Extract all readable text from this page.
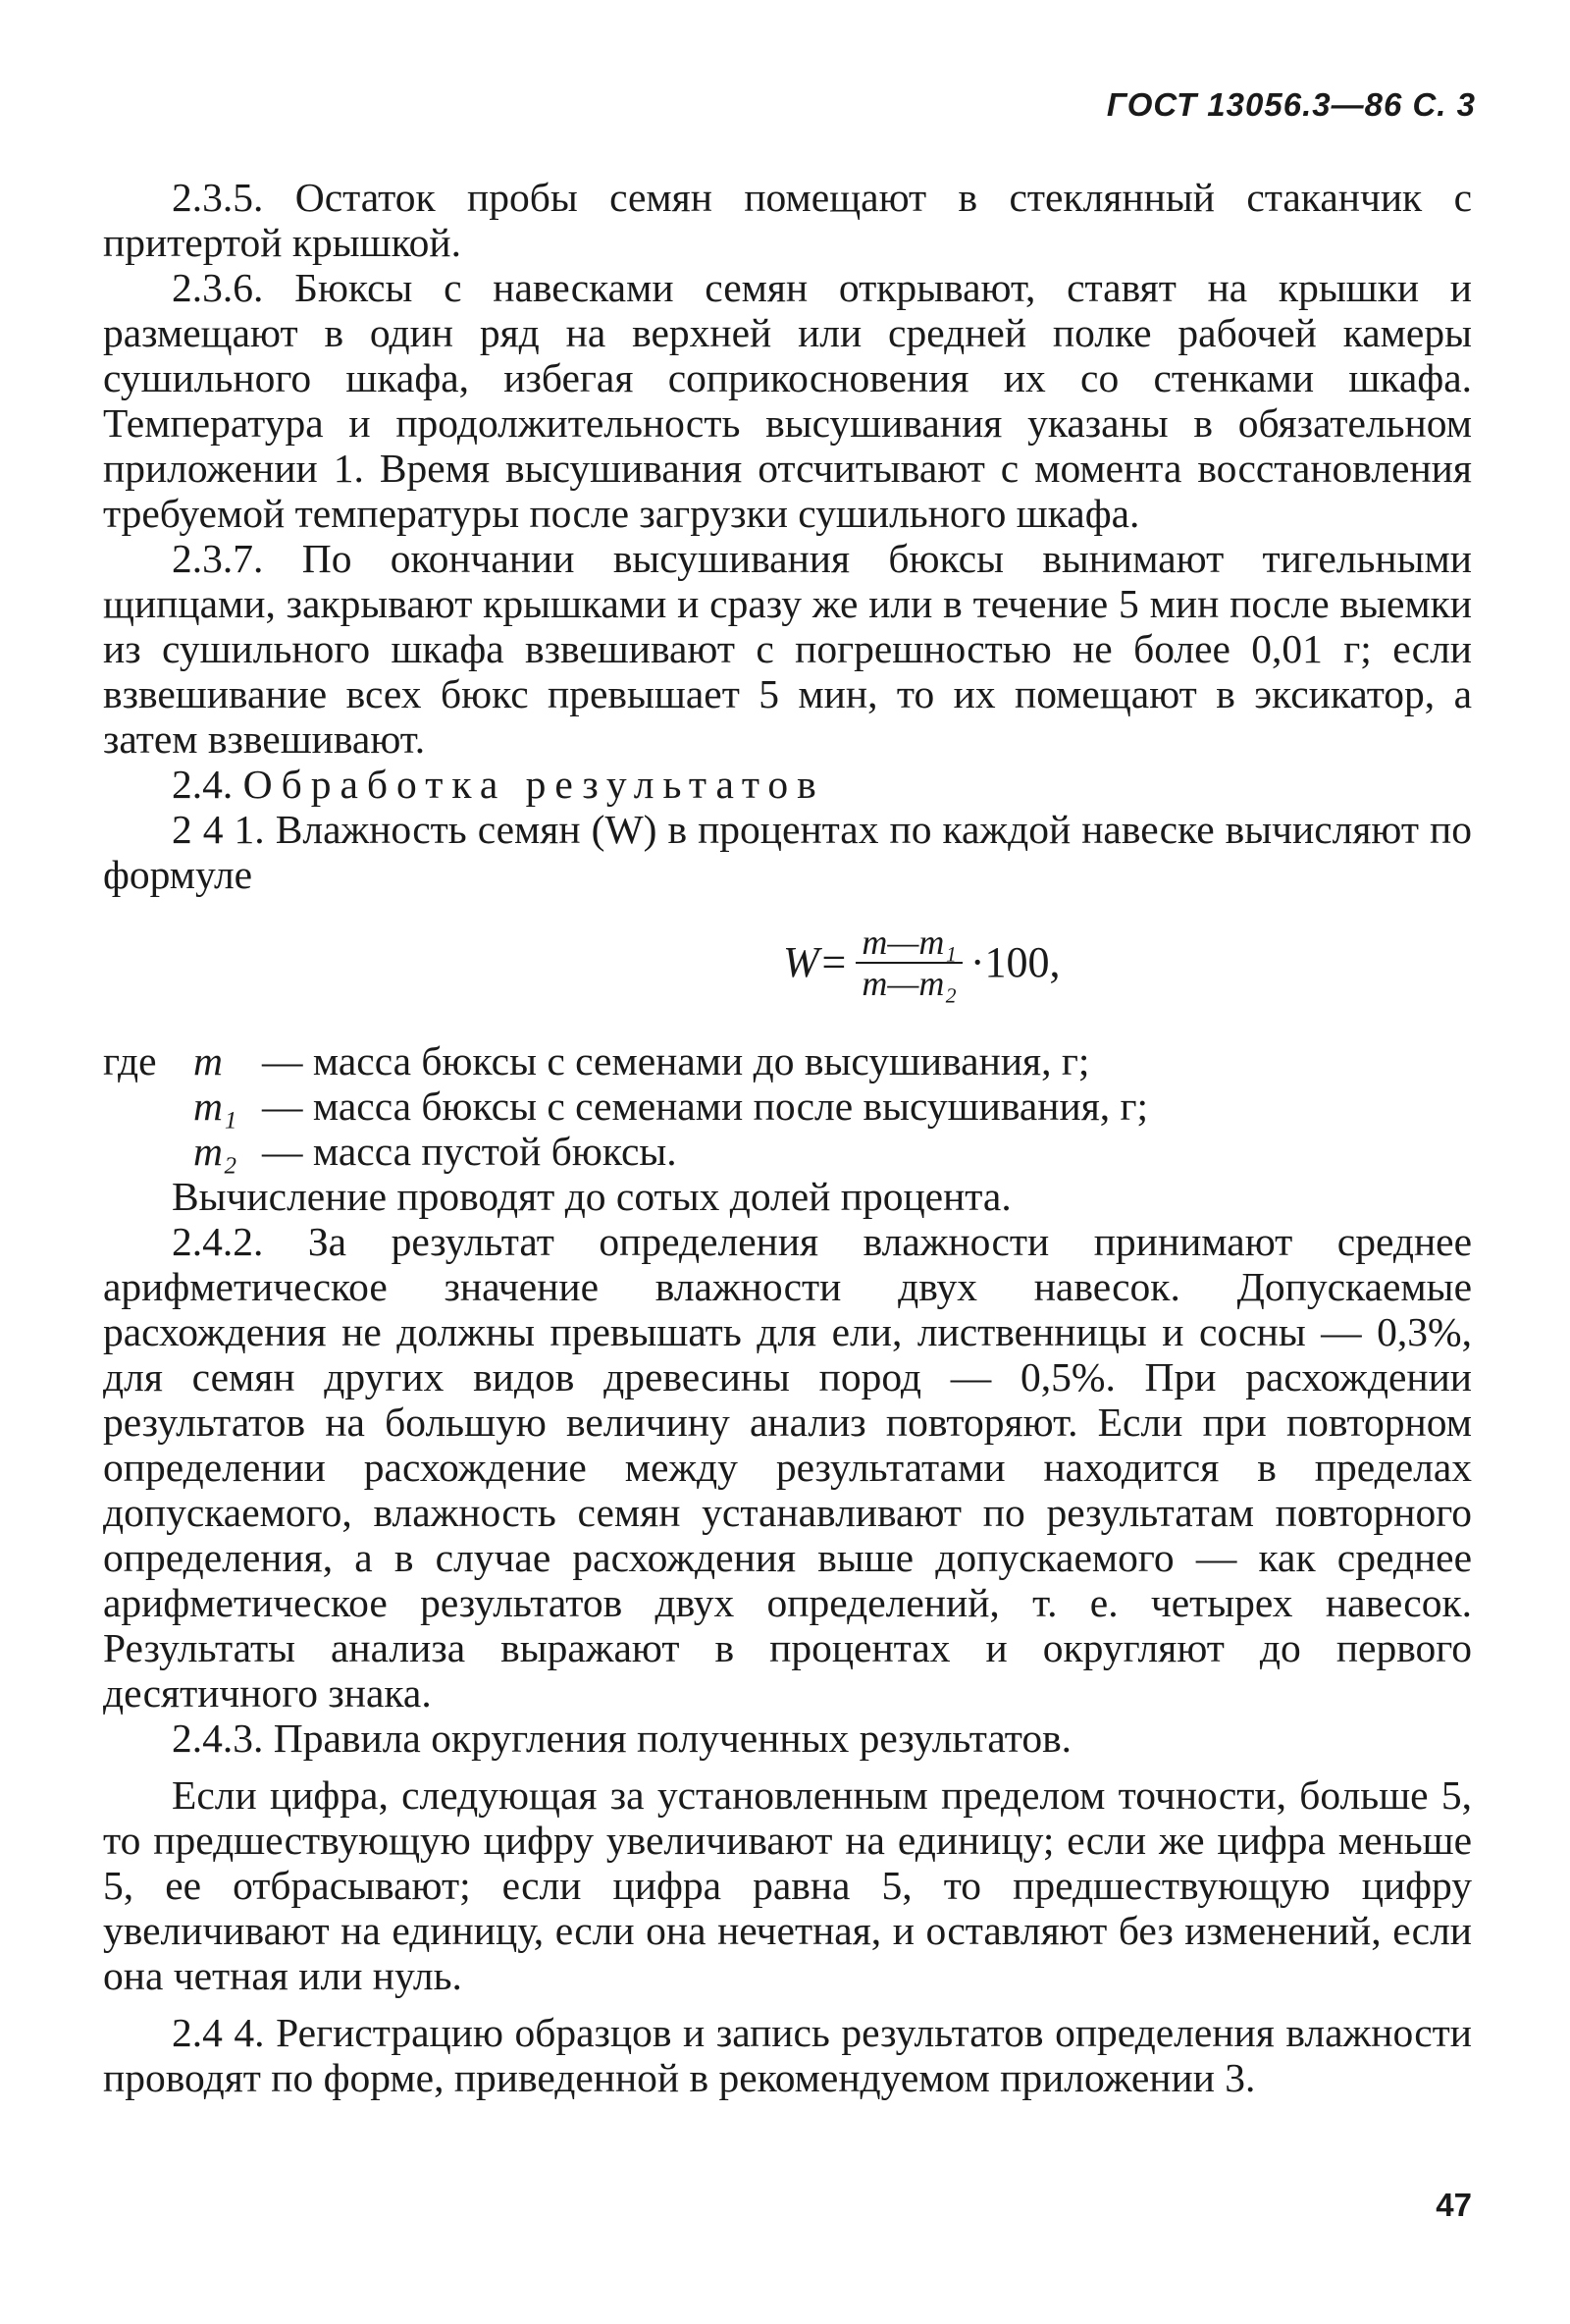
ГОСТ 13056.3—86 С. 3

2.3.5. Остаток пробы семян помещают в стеклянный стаканчик с притертой крышкой.

2.3.6. Бюксы с навесками семян открывают, ставят на крышки и размещают в один ряд на верхней или средней полке рабочей камеры сушильного шкафа, избегая соприкосновения их со стенками шкафа. Температура и продолжительность высушивания указаны в обязательном приложении 1. Время высушивания отсчитывают с момента восстановления требуемой температуры после загрузки сушильного шкафа.

2.3.7. По окончании высушивания бюксы вынимают тигельными щипцами, закрывают крышками и сразу же или в течение 5 мин после выемки из сушильного шкафа взвешивают с погрешностью не более 0,01 г; если взвешивание всех бюкс превышает 5 мин, то их помещают в эксикатор, а затем взвешивают.

2.4. Обработка результатов

2 4 1. Влажность семян (W) в процентах по каждой навеске вычисляют по формуле

$W= \frac{\text{m—m₁}}{\text{m—m₂}} \cdot 100$,
где m — масса бюксы с семенами до высушивания, г;
m₁ — масса бюксы с семенами после высушивания, г;
m₂ — масса пустой бюксы.

Вычисление проводят до сотых долей процента.

2.4.2. За результат определения влажности принимают среднее арифметическое значение влажности двух навесок. Допускаемые расхождения не должны превышать для ели, лиственницы и сосны — 0,3%, для семян других видов древесины пород — 0,5%. При расхождении результатов на большую величину анализ повторяют. Если при повторном определении расхождение между результатами находится в пределах допускаемого, влажность семян устанавливают по результатам повторного определения, а в случае расхождения выше допускаемого — как среднее арифметическое результатов двух определений, т. е. четырех навесок. Результаты анализа выражают в процентах и округляют до первого десятичного знака.

2.4.3. Правила округления полученных результатов.

Если цифра, следующая за установленным пределом точности, больше 5, то предшествующую цифру увеличивают на единицу; если же цифра меньше 5, ее отбрасывают; если цифра равна 5, то предшествующую цифру увеличивают на единицу, если она нечетная, и оставляют без изменений, если она четная или нуль.

2.4 4. Регистрацию образцов и запись результатов определения влажности проводят по форме, приведенной в рекомендуемом приложении 3.

47
